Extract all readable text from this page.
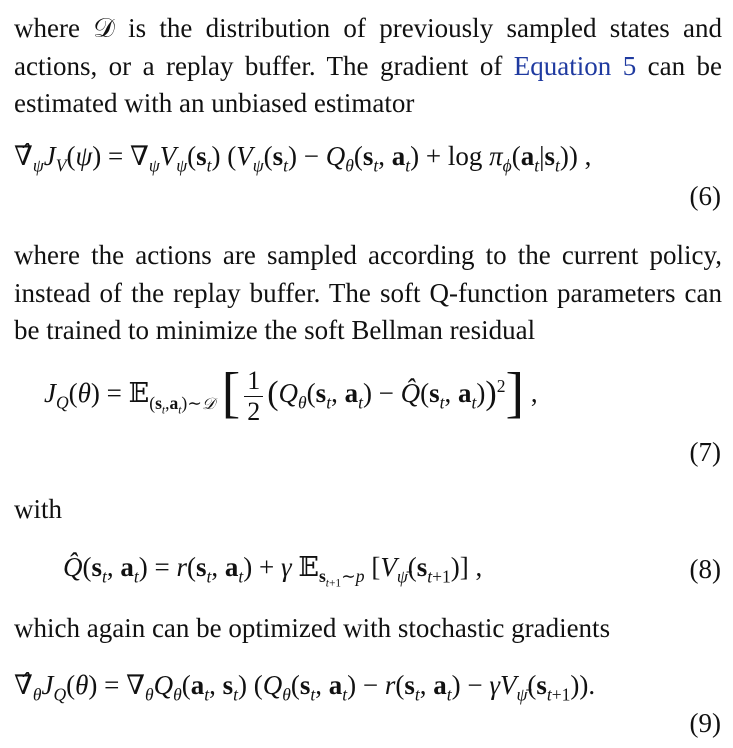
where 𝒟 is the distribution of previously sampled states and actions, or a replay buffer. The gradient of Equation 5 can be estimated with an unbiased estimator

$\nablâ_\psi J_V(\psi) = \nabla_\psi V_\psi(s_t) (V_\psi(s_t) - Q_\theta(s_t$, $a_t) + \log \pi_\phi(a_t|s_t)$) ,
(6)

where the actions are sampled according to the current policy, instead of the replay buffer. The soft Q-function parameters can be trained to minimize the soft Bellman residual

$J_Q(\theta)$ = 𝔼$_{(s_t,a_t)\sim 𝒟}$ [ $\frac{1}{2} (Q_\theta(s_t$, $a_t$) − $Q̂(s_t$, $a_t))^2$] ,
(7)

with

$Q̂(s_t$, $a_t) = r(s_t$, $a_t) + \gamma$ 𝔼$_{s_{t+1}\sim p}$ $[V_{\psī}(s_{t+1})]$ ,	(8)

which again can be optimized with stochastic gradients

$\nablâ_\theta J_Q(\theta) = \nabla_\theta Q_\theta(a_t$, $s_t$) ($Q_\theta(s_t$, $a_t) - r(s_t$, $a_t) - \gamma V_{\psī}(s_{t+1})$).
(9)
